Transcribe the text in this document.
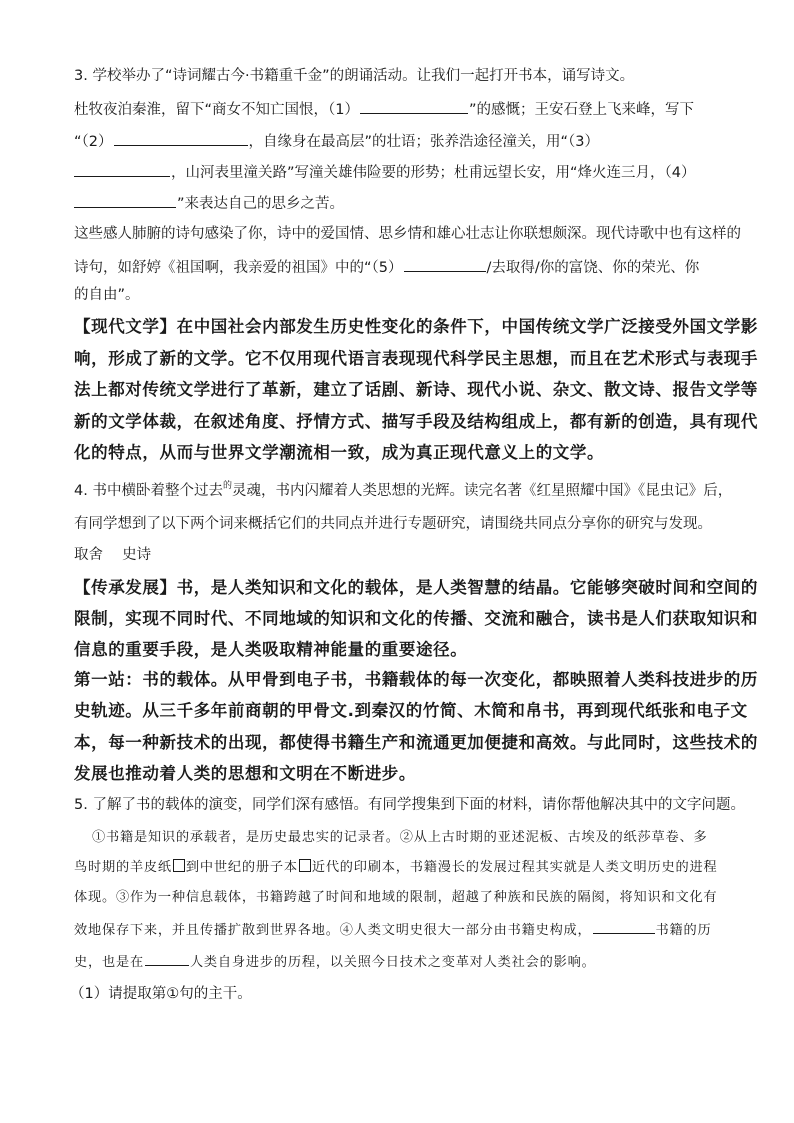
3. 学校举办了“诗词耀古今·书籍重千金”的朗诵活动。让我们一起打开书本，诵写诗文。
杜牧夜泊秦淮，留下“商女不知亡国恨，（1）	”的感慨；王安石登上飞来峰，写下
“（2）	，自缘身在最高层”的壮语；张养浩途径潼关，用“（3）
，山河表里潼关路”写潼关雄伟险要的形势；杜甫远望长安，用“烽火连三月，（4）
”来表达自己的思乡之苦。
这些感人肺腑的诗句感染了你，诗中的爱国情、思乡情和雄心壮志让你联想颇深。现代诗歌中也有这样的
诗句，如舒婷《祖国啊，我亲爱的祖国》中的“（5）	/去取得/你的富饶、你的荣光、你
的自由”。
【现代文学】在中国社会内部发生历史性变化的条件下，中国传统文学广泛接受外国文学影
响，形成了新的文学。它不仅用现代语言表现现代科学民主思想，而且在艺术形式与表现手
法上都对传统文学进行了革新，建立了话剧、新诗、现代小说、杂文、散文诗、报告文学等
新的文学体裁，在叙述角度、抒情方式、描写手段及结构组成上，都有新的创造，具有现代
化的特点，从而与世界文学潮流相一致，成为真正现代意义上的文学。
4. 书中横卧着整个过去$^的$灵魂，书内闪耀着人类思想的光辉。读完名著《红星照耀中国》《昆虫记》后，
有同学想到了以下两个词来概括它们的共同点并进行专题研究，请围绕共同点分享你的研究与发现。
取舍　 史诗
【传承发展】书，是人类知识和文化的载体，是人类智慧的结晶。它能够突破时间和空间的
限制，实现不同时代、不同地域的知识和文化的传播、交流和融合，读书是人们获取知识和
信息的重要手段，是人类吸取精神能量的重要途径。
第一站：书的载体。从甲骨到电子书，书籍载体的每一次变化，都映照着人类科技进步的历
史轨迹。从三千多年前商朝的甲骨文.到秦汉的竹简、木简和帛书，再到现代纸张和电子文
本，每一种新技术的出现，都使得书籍生产和流通更加便捷和高效。与此同时，这些技术的
发展也推动着人类的思想和文明在不断进步。
5. 了解了书的载体的演变，同学们深有感悟。有同学搜集到下面的材料，请你帮他解决其中的文字问题。
①书籍是知识的承载者，是历史最忠实的记录者。②从上古时期的亚述泥板、古埃及的纸莎草卷、多
鸟时期的羊皮纸 到中世纪的册子本 近代的印刷本，书籍漫长的发展过程其实就是人类文明历史的进程
体现。③作为一种信息载体，书籍跨越了时间和地域的限制，超越了种族和民族的隔阂，将知识和文化有
效地保存下来，并且传播扩散到世界各地。④人类文明史很大一部分由书籍史构成，	书籍的历
史，也是在	人类自身进步的历程，以关照今日技术之变革对人类社会的影响。
（1）请提取第①句的主干。
